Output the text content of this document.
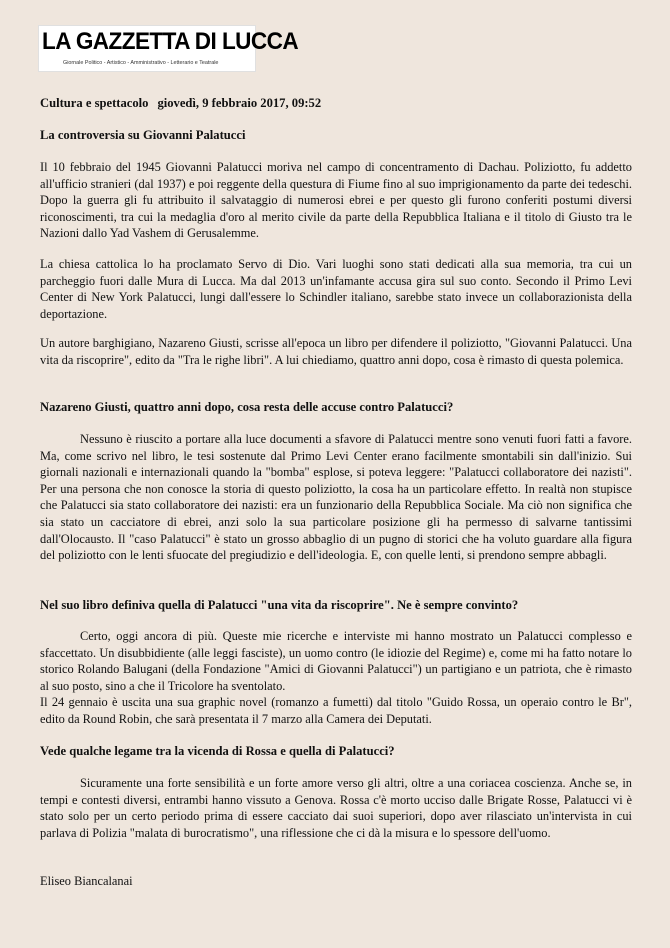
LA GAZZETTA DI LUCCA
Giornale Politico - Artistico - Amministrativo - Letterario e Teatrale
Cultura e spettacolo giovedì, 9 febbraio 2017, 09:52
La controversia su Giovanni Palatucci
Il 10 febbraio del 1945 Giovanni Palatucci moriva nel campo di concentramento di Dachau. Poliziotto, fu addetto all'ufficio stranieri (dal 1937) e poi reggente della questura di Fiume fino al suo imprigionamento da parte dei tedeschi. Dopo la guerra gli fu attribuito il salvataggio di numerosi ebrei e per questo gli furono conferiti postumi diversi riconoscimenti, tra cui la medaglia d'oro al merito civile da parte della Repubblica Italiana e il titolo di Giusto tra le Nazioni dallo Yad Vashem di Gerusalemme.
La chiesa cattolica lo ha proclamato Servo di Dio. Vari luoghi sono stati dedicati alla sua memoria, tra cui un parcheggio fuori dalle Mura di Lucca. Ma dal 2013 un'infamante accusa gira sul suo conto. Secondo il Primo Levi Center di New York Palatucci, lungi dall'essere lo Schindler italiano, sarebbe stato invece un collaborazionista della deportazione.
Un autore barghigiano, Nazareno Giusti, scrisse all'epoca un libro per difendere il poliziotto, "Giovanni Palatucci. Una vita da riscoprire", edito da "Tra le righe libri". A lui chiediamo, quattro anni dopo, cosa è rimasto di questa polemica.
Nazareno Giusti, quattro anni dopo, cosa resta delle accuse contro Palatucci?
Nessuno è riuscito a portare alla luce documenti a sfavore di Palatucci mentre sono venuti fuori fatti a favore. Ma, come scrivo nel libro, le tesi sostenute dal Primo Levi Center erano facilmente smontabili sin dall'inizio. Sui giornali nazionali e internazionali quando la "bomba" esplose, si poteva leggere: "Palatucci collaboratore dei nazisti". Per una persona che non conosce la storia di questo poliziotto, la cosa ha un particolare effetto. In realtà non stupisce che Palatucci sia stato collaboratore dei nazisti: era un funzionario della Repubblica Sociale. Ma ciò non significa che sia stato un cacciatore di ebrei, anzi solo la sua particolare posizione gli ha permesso di salvarne tantissimi dall'Olocausto. Il "caso Palatucci" è stato un grosso abbaglio di un pugno di storici che ha voluto guardare alla figura del poliziotto con le lenti sfuocate del pregiudizio e dell'ideologia. E, con quelle lenti, si prendono sempre abbagli.
Nel suo libro definiva quella di Palatucci "una vita da riscoprire". Ne è sempre convinto?
Certo, oggi ancora di più. Queste mie ricerche e interviste mi hanno mostrato un Palatucci complesso e sfaccettato. Un disubbidiente (alle leggi fasciste), un uomo contro (le idiozie del Regime) e, come mi ha fatto notare lo storico Rolando Balugani (della Fondazione "Amici di Giovanni Palatucci") un partigiano e un patriota, che è rimasto al suo posto, sino a che il Tricolore ha sventolato.
Il 24 gennaio è uscita una sua graphic novel (romanzo a fumetti) dal titolo "Guido Rossa, un operaio contro le Br", edito da Round Robin, che sarà presentata il 7 marzo alla Camera dei Deputati.
Vede qualche legame tra la vicenda di Rossa e quella di Palatucci?
Sicuramente una forte sensibilità e un forte amore verso gli altri, oltre a una coriacea coscienza. Anche se, in tempi e contesti diversi, entrambi hanno vissuto a Genova. Rossa c'è morto ucciso dalle Brigate Rosse, Palatucci vi è stato solo per un certo periodo prima di essere cacciato dai suoi superiori, dopo aver rilasciato un'intervista in cui parlava di Polizia "malata di burocratismo", una riflessione che ci dà la misura e lo spessore dell'uomo.
Eliseo Biancalanai
